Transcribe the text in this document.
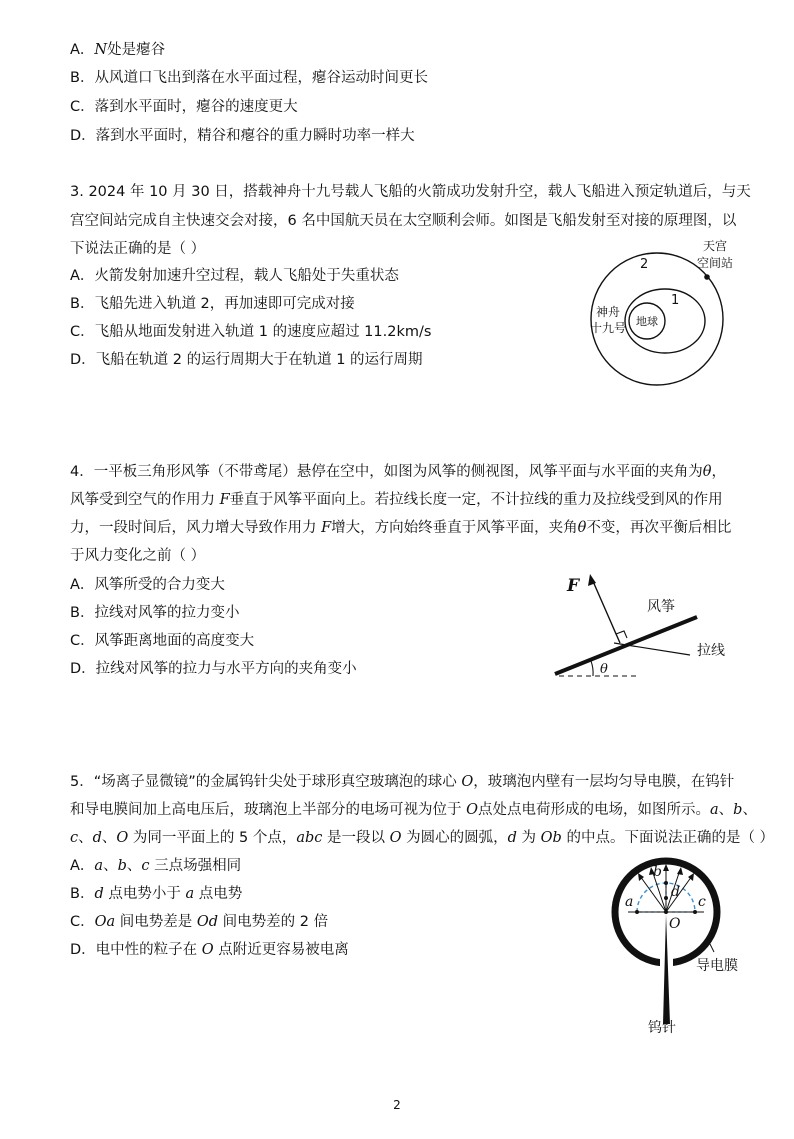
A．N处是瘪谷
B．从风道口飞出到落在水平面过程，瘪谷运动时间更长
C．落到水平面时，瘪谷的速度更大
D．落到水平面时，精谷和瘪谷的重力瞬时功率一样大
3. 2024 年 10 月 30 日，搭载神舟十九号载人飞船的火箭成功发射升空，载人飞船进入预定轨道后，与天
宫空间站完成自主快速交会对接，6 名中国航天员在太空顺利会师。如图是飞船发射至对接的原理图，以
下说法正确的是（ ）
A．火箭发射加速升空过程，载人飞船处于失重状态
B．飞船先进入轨道 2，再加速即可完成对接
C．飞船从地面发射进入轨道 1 的速度应超过 11.2km/s
D．飞船在轨道 2 的运行周期大于在轨道 1 的运行周期
天宫
空间站
2
1
神舟
十九号 地球
4．一平板三角形风筝（不带鸢尾）悬停在空中，如图为风筝的侧视图，风筝平面与水平面的夹角为θ，
风筝受到空气的作用力 F垂直于风筝平面向上。若拉线长度一定，不计拉线的重力及拉线受到风的作用
力，一段时间后，风力增大导致作用力 F增大，方向始终垂直于风筝平面，夹角θ不变，再次平衡后相比
于风力变化之前（ ）
A．风筝所受的合力变大
B．拉线对风筝的拉力变小
C．风筝距离地面的高度变大
D．拉线对风筝的拉力与水平方向的夹角变小
F
风筝
拉线
θ
5．“场离子显微镜”的金属钨针尖处于球形真空玻璃泡的球心 O，玻璃泡内壁有一层均匀导电膜，在钨针
和导电膜间加上高电压后，玻璃泡上半部分的电场可视为位于 O点处点电荷形成的电场，如图所示。a、b、
c、d、O 为同一平面上的 5 个点，abc 是一段以 O 为圆心的圆弧，d 为 Ob 的中点。下面说法正确的是（ ）
A．a、b、c 三点场强相同
B．d 点电势小于 a 点电势
C．Oa 间电势差是 Od 间电势差的 2 倍
D．电中性的粒子在 O 点附近更容易被电离
a
b
c
d
O
导电膜
钨针
2
